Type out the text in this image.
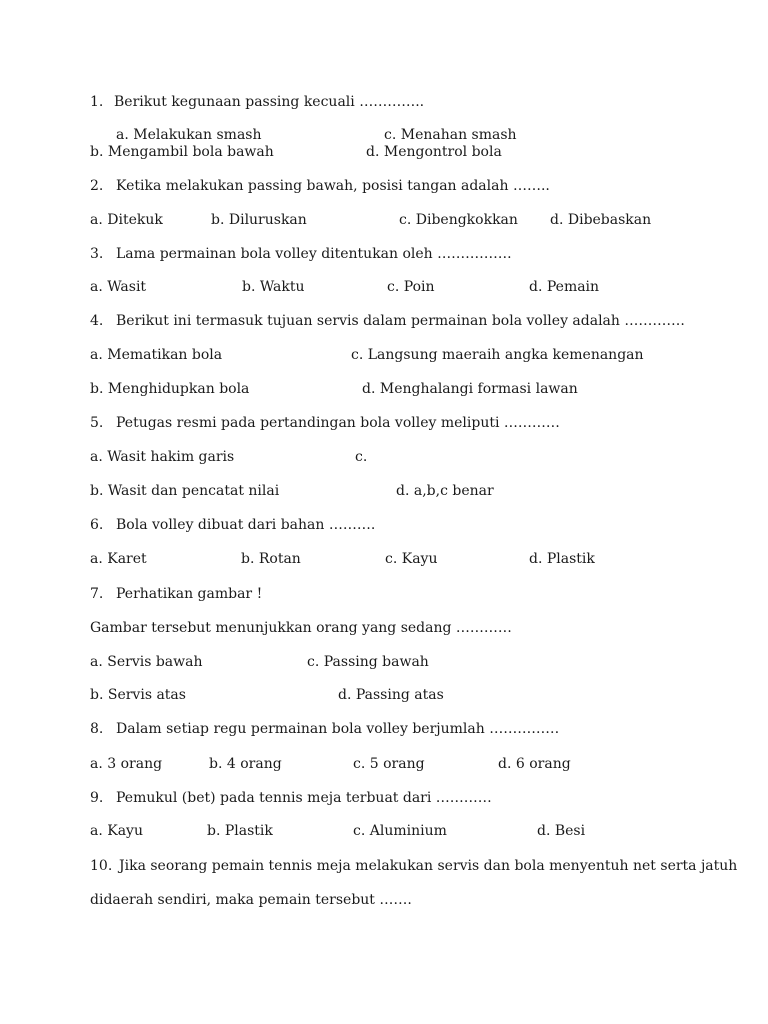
1. Berikut kegunaan passing kecuali …………..
a. Melakukan smash	c. Menahan smash
b. Mengambil bola bawah	d. Mengontrol bola
2. Ketika melakukan passing bawah, posisi tangan adalah ……..
a. Ditekuk	b. Diluruskan	c. Dibengkokkan d. Dibebaskan
3. Lama permainan bola volley ditentukan oleh …………….
a. Wasit	b. Waktu	c. Poin	d. Pemain
4. Berikut ini termasuk tujuan servis dalam permainan bola volley adalah ………….
a. Mematikan bola	c. Langsung maeraih angka kemenangan
b. Menghidupkan bola	d. Menghalangi formasi lawan
5. Petugas resmi pada pertandingan bola volley meliputi …………
a. Wasit hakim garis	c.
b. Wasit dan pencatat nilai	d. a,b,c benar
6. Bola volley dibuat dari bahan ……….
a. Karet	b. Rotan	c. Kayu	d. Plastik
7. Perhatikan gambar !
Gambar tersebut menunjukkan orang yang sedang …………
a. Servis bawah	c. Passing bawah
b. Servis atas	d. Passing atas
8. Dalam setiap regu permainan bola volley berjumlah ……………
a. 3 orang	b. 4 orang	c. 5 orang	d. 6 orang
9. Pemukul (bet) pada tennis meja terbuat dari …………
a. Kayu	b. Plastik	c. Aluminium	d. Besi
10. Jika seorang pemain tennis meja melakukan servis dan bola menyentuh net serta jatuh
didaerah sendiri, maka pemain tersebut …….
